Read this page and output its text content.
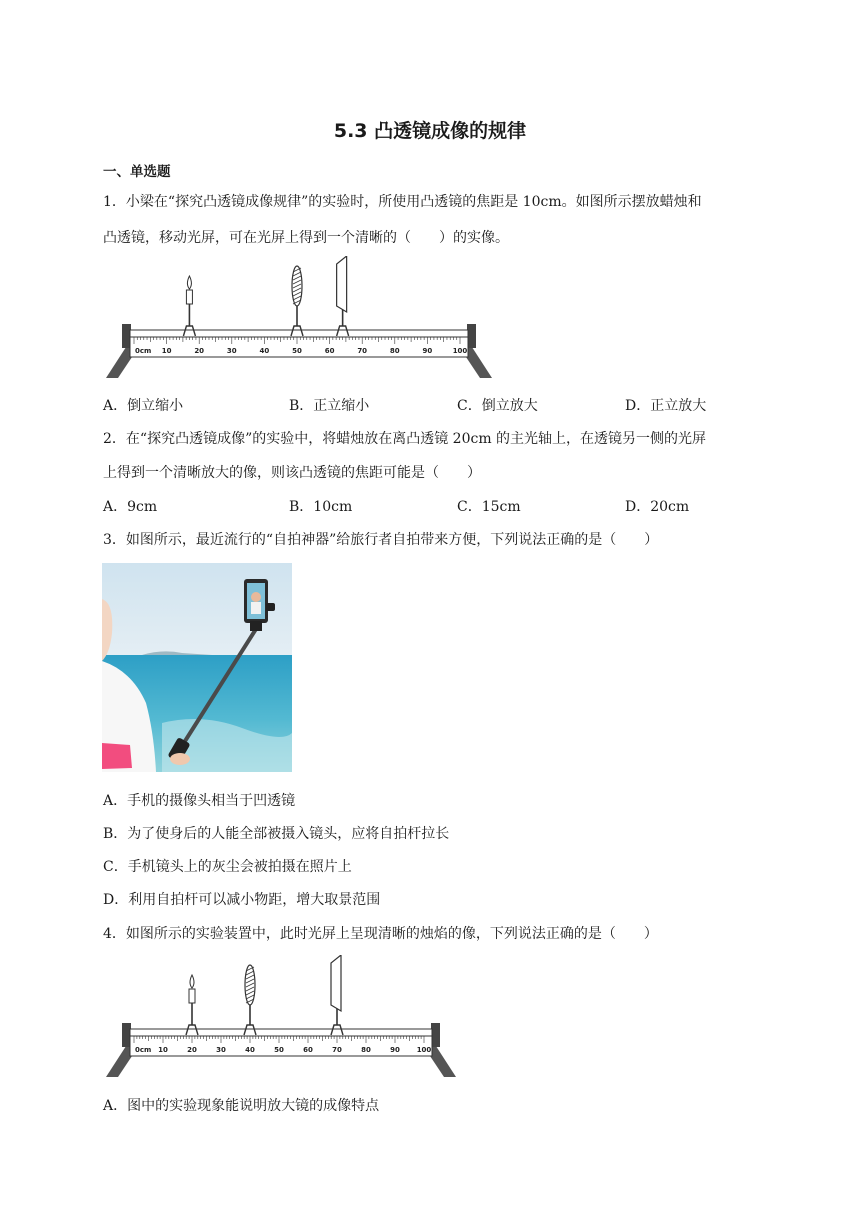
5.3 凸透镜成像的规律
一、单选题
1．小梁在“探究凸透镜成像规律”的实验时，所使用凸透镜的焦距是 10cm。如图所示摆放蜡烛和
凸透镜，移动光屏，可在光屏上得到一个清晰的（　　）的实像。
0cm 10	20	30	40	50	60	70	80	90	100
A．倒立缩小	B．正立缩小	C．倒立放大	D．正立放大
2．在“探究凸透镜成像”的实验中，将蜡烛放在离凸透镜 20cm 的主光轴上，在透镜另一侧的光屏
上得到一个清晰放大的像，则该凸透镜的焦距可能是（　　）
A．9cm	B．10cm	C．15cm	D．20cm
3．如图所示，最近流行的“自拍神器”给旅行者自拍带来方便，下列说法正确的是（　　）
A．手机的摄像头相当于凹透镜
B．为了使身后的人能全部被摄入镜头，应将自拍杆拉长
C．手机镜头上的灰尘会被拍摄在照片上
D．利用自拍杆可以减小物距，增大取景范围
4．如图所示的实验装置中，此时光屏上呈现清晰的烛焰的像，下列说法正确的是（　　）
0cm 10	20	30	40	50	60	70	80	90 100
A．图中的实验现象能说明放大镜的成像特点
